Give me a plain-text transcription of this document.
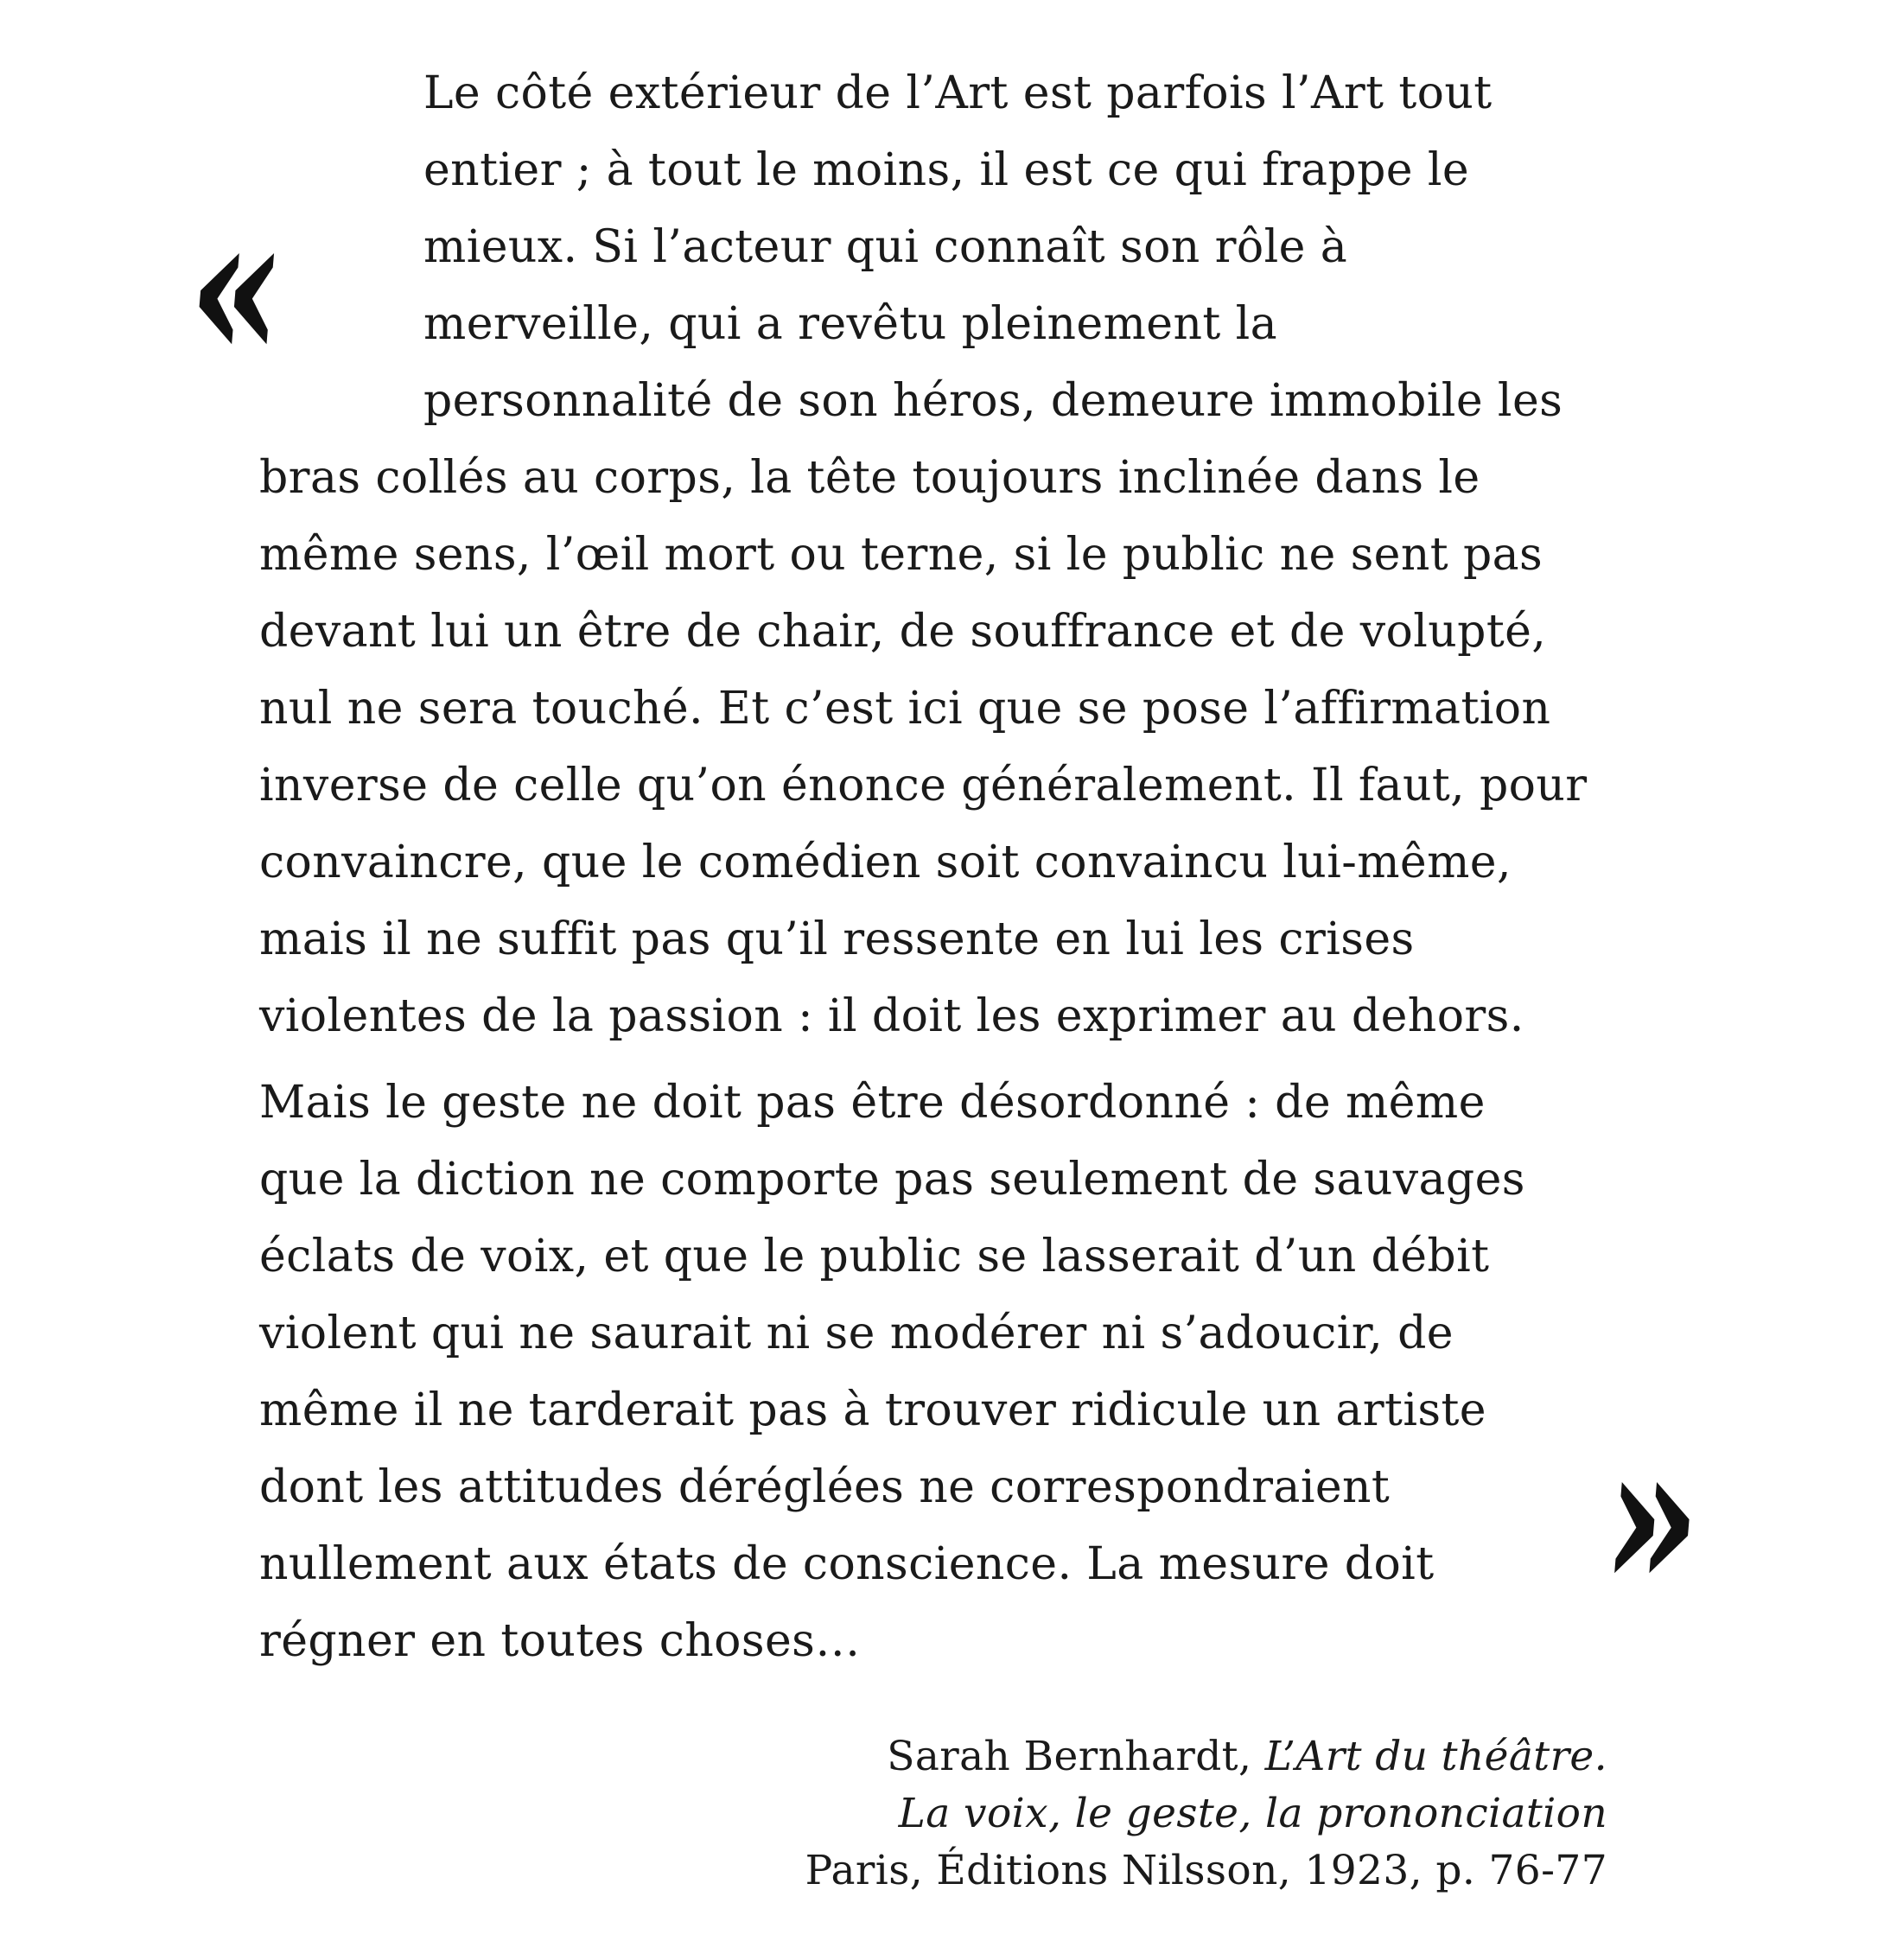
«
Le côté extérieur de l’Art est parfois l’Art tout
entier ; à tout le moins, il est ce qui frappe le
mieux. Si l’acteur qui connaît son rôle à
merveille, qui a revêtu pleinement la
personnalité de son héros, demeure immobile les
bras collés au corps, la tête toujours inclinée dans le
même sens, l’œil mort ou terne, si le public ne sent pas
devant lui un être de chair, de souffrance et de volupté,
nul ne sera touché. Et c’est ici que se pose l’affirmation
inverse de celle qu’on énonce généralement. Il faut, pour
convaincre, que le comédien soit convaincu lui-même,
mais il ne suffit pas qu’il ressente en lui les crises
violentes de la passion : il doit les exprimer au dehors.
Mais le geste ne doit pas être désordonné : de même
que la diction ne comporte pas seulement de sauvages
éclats de voix, et que le public se lasserait d’un débit
violent qui ne saurait ni se modérer ni s’adoucir, de
même il ne tarderait pas à trouver ridicule un artiste
dont les attitudes déréglées ne correspondraient
nullement aux états de conscience. La mesure doit
régner en toutes choses…
»
Sarah Bernhardt, L’Art du théâtre.
La voix, le geste, la prononciation
Paris, Éditions Nilsson, 1923, p. 76-77
